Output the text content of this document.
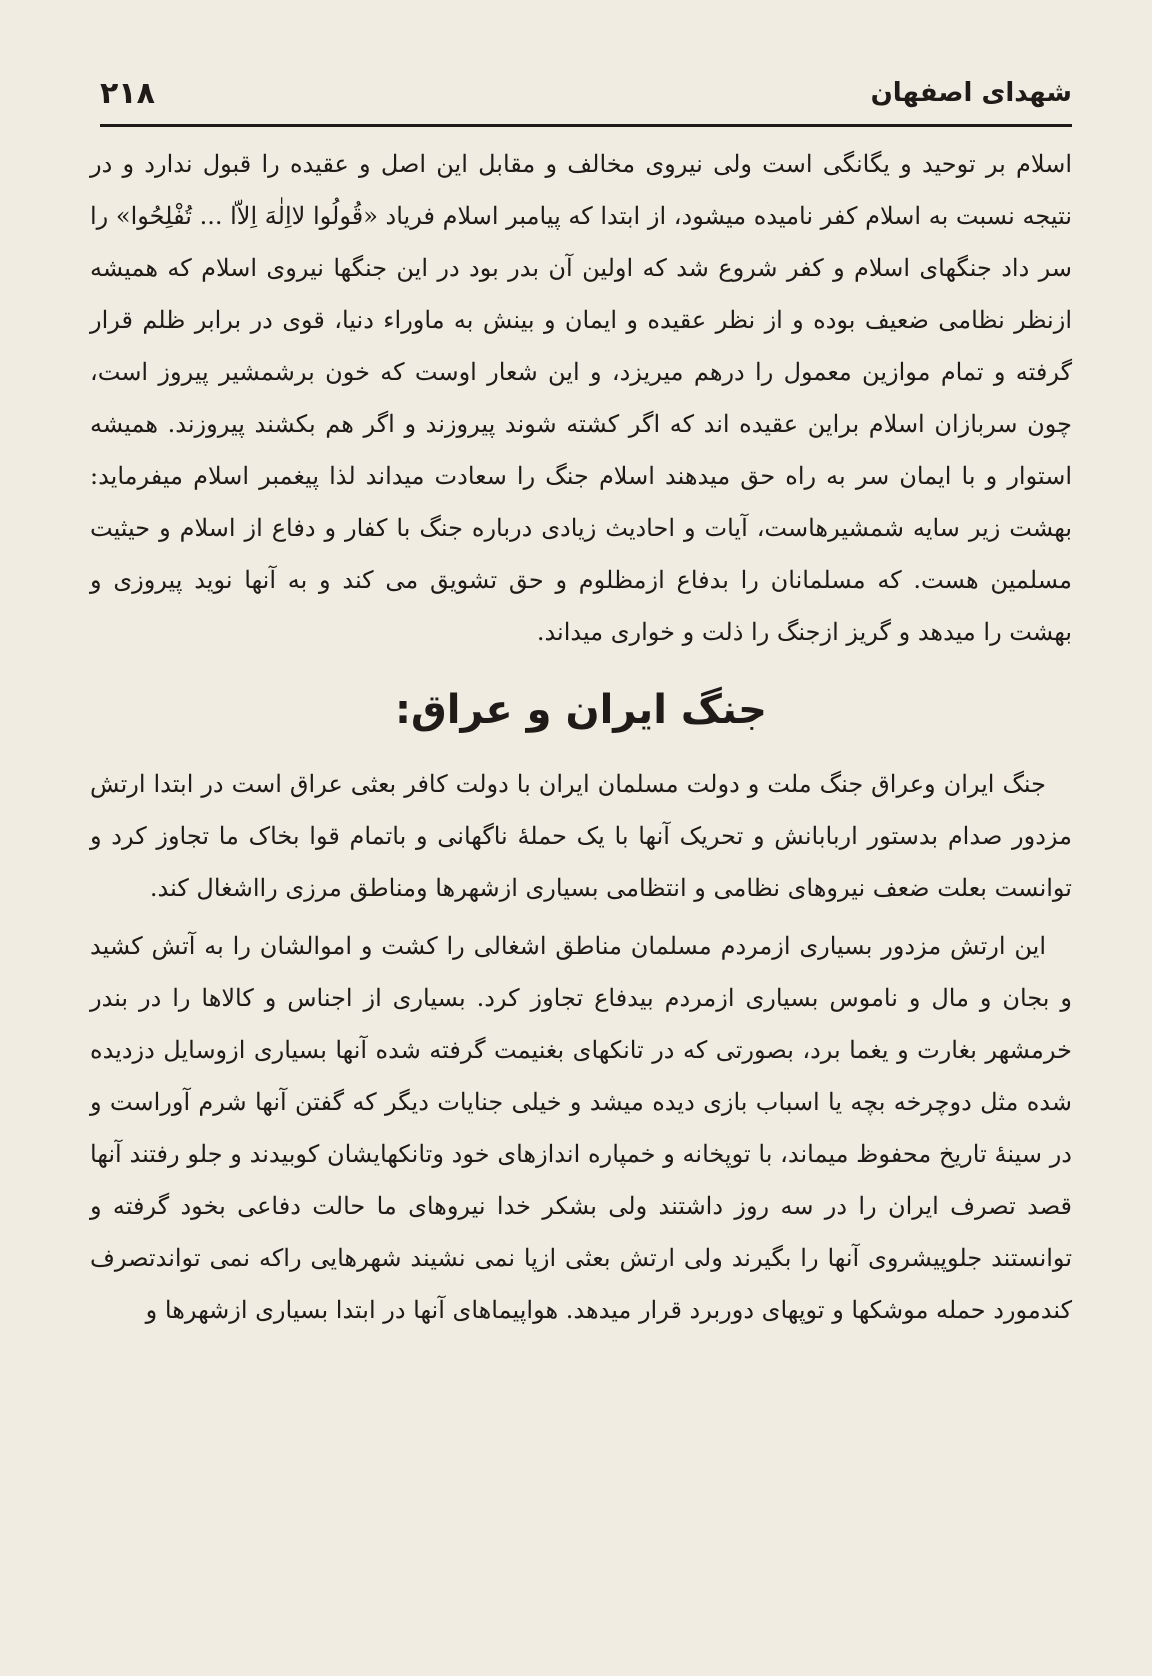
۲۱۸	شهدای اصفهان

اسلام بر توحید و یگانگی است ولی نیروی مخالف و مقابل این اصل و عقیده را قبول ندارد و در نتیجه نسبت به اسلام کفر نامیده میشود، از ابتدا که پیامبر اسلام فریاد «قُولُوا لااِلٰهَ اِلاّا ... تُفْلِحُوا» را سر داد جنگهای اسلام و کفر شروع شد که اولین آن بدر بود در این جنگها نیروی اسلام که همیشه ازنظر نظامی ضعیف بوده و از نظر عقیده و ایمان و بینش به ماوراء دنیا، قوی در برابر ظلم قرار گرفته و تمام موازین معمول را درهم میریزد، و این شعار اوست که خون برشمشیر پیروز است، چون سربازان اسلام براین عقیده اند که اگر کشته شوند پیروزند و اگر هم بکشند پیروزند. همیشه استوار و با ایمان سر به راه حق میدهند اسلام جنگ را سعادت میداند لذا پیغمبر اسلام میفرماید: بهشت زیر سایه شمشیرهاست، آیات و احادیث زیادی درباره جنگ با کفار و دفاع از اسلام و حیثیت مسلمین هست. که مسلمانان را بدفاع ازمظلوم و حق تشویق می کند و به آنها نوید پیروزی و بهشت را میدهد و گریز ازجنگ را ذلت و خواری میداند.

جنگ ایران و عراق:

جنگ ایران وعراق جنگ ملت و دولت مسلمان ایران با دولت کافر بعثی عراق است در ابتدا ارتش مزدور صدام بدستور اربابانش و تحریک آنها با یک حملۀ ناگهانی و باتمام قوا بخاک ما تجاوز کرد و توانست بعلت ضعف نیروهای نظامی و انتظامی بسیاری ازشهرها ومناطق مرزی رااشغال کند.

این ارتش مزدور بسیاری ازمردم مسلمان مناطق اشغالی را کشت و اموالشان را به آتش کشید و بجان و مال و ناموس بسیاری ازمردم بیدفاع تجاوز کرد. بسیاری از اجناس و کالاها را در بندر خرمشهر بغارت و یغما برد، بصورتی که در تانکهای بغنیمت گرفته شده آنها بسیاری ازوسایل دزدیده شده مثل دوچرخه بچه یا اسباب بازی دیده میشد و خیلی جنایات دیگر که گفتن آنها شرم آوراست و در سینۀ تاریخ محفوظ میماند، با توپخانه و خمپاره اندازهای خود وتانکهایشان کوبیدند و جلو رفتند آنها قصد تصرف ایران را در سه روز داشتند ولی بشکر خدا نیروهای ما حالت دفاعی بخود گرفته و توانستند جلوپیشروی آنها را بگیرند ولی ارتش بعثی ازپا نمی نشیند شهرهایی راکه نمی تواندتصرف کندمورد حمله موشکها و توپهای دوربرد قرار میدهد. هواپیماهای آنها در ابتدا بسیاری ازشهرها و
